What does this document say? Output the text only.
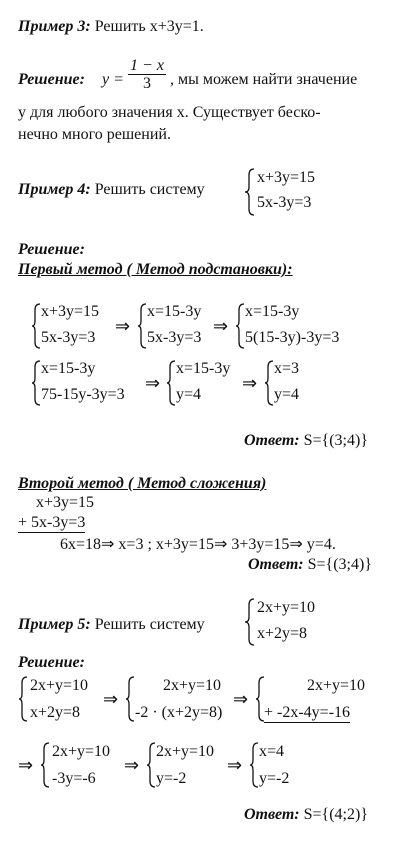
Пример 3: Решить x+3y=1.
Решение: y =
1 − x
3	, мы можем найти значение
у для любого значения х. Существует беско-
нечно много решений.
Пример 4: Решить систему
x+3y=15
5x-3y=3
Решение:
Первый метод ( Метод подстановки):
x+3y=15
5x-3y=3
⇒
x=15-3y
5x-3y=3
⇒
x=15-3y
5(15-3y)-3y=3
x=15-3y
75-15y-3y=3
⇒
x=15-3y
y=4
⇒
x=3
y=4
Ответ: S={(3;4)}
Второй метод ( Метод сложения)
x+3y=15
+ 5x-3y=3
6x=18⇒ x=3 ; x+3y=15⇒ 3+3y=15⇒ y=4.
Ответ: S={(3;4)}
Пример 5: Решить систему
2x+y=10
x+2y=8
Решение:
2x+y=10
x+2y=8
⇒
2x+y=10
-2 · (x+2y=8)
⇒
2x+y=10
+ -2x-4y=-16
⇒
2x+y=10
-3y=-6
⇒
2x+y=10
y=-2
⇒
x=4
y=-2
Ответ: S={(4;2)}
